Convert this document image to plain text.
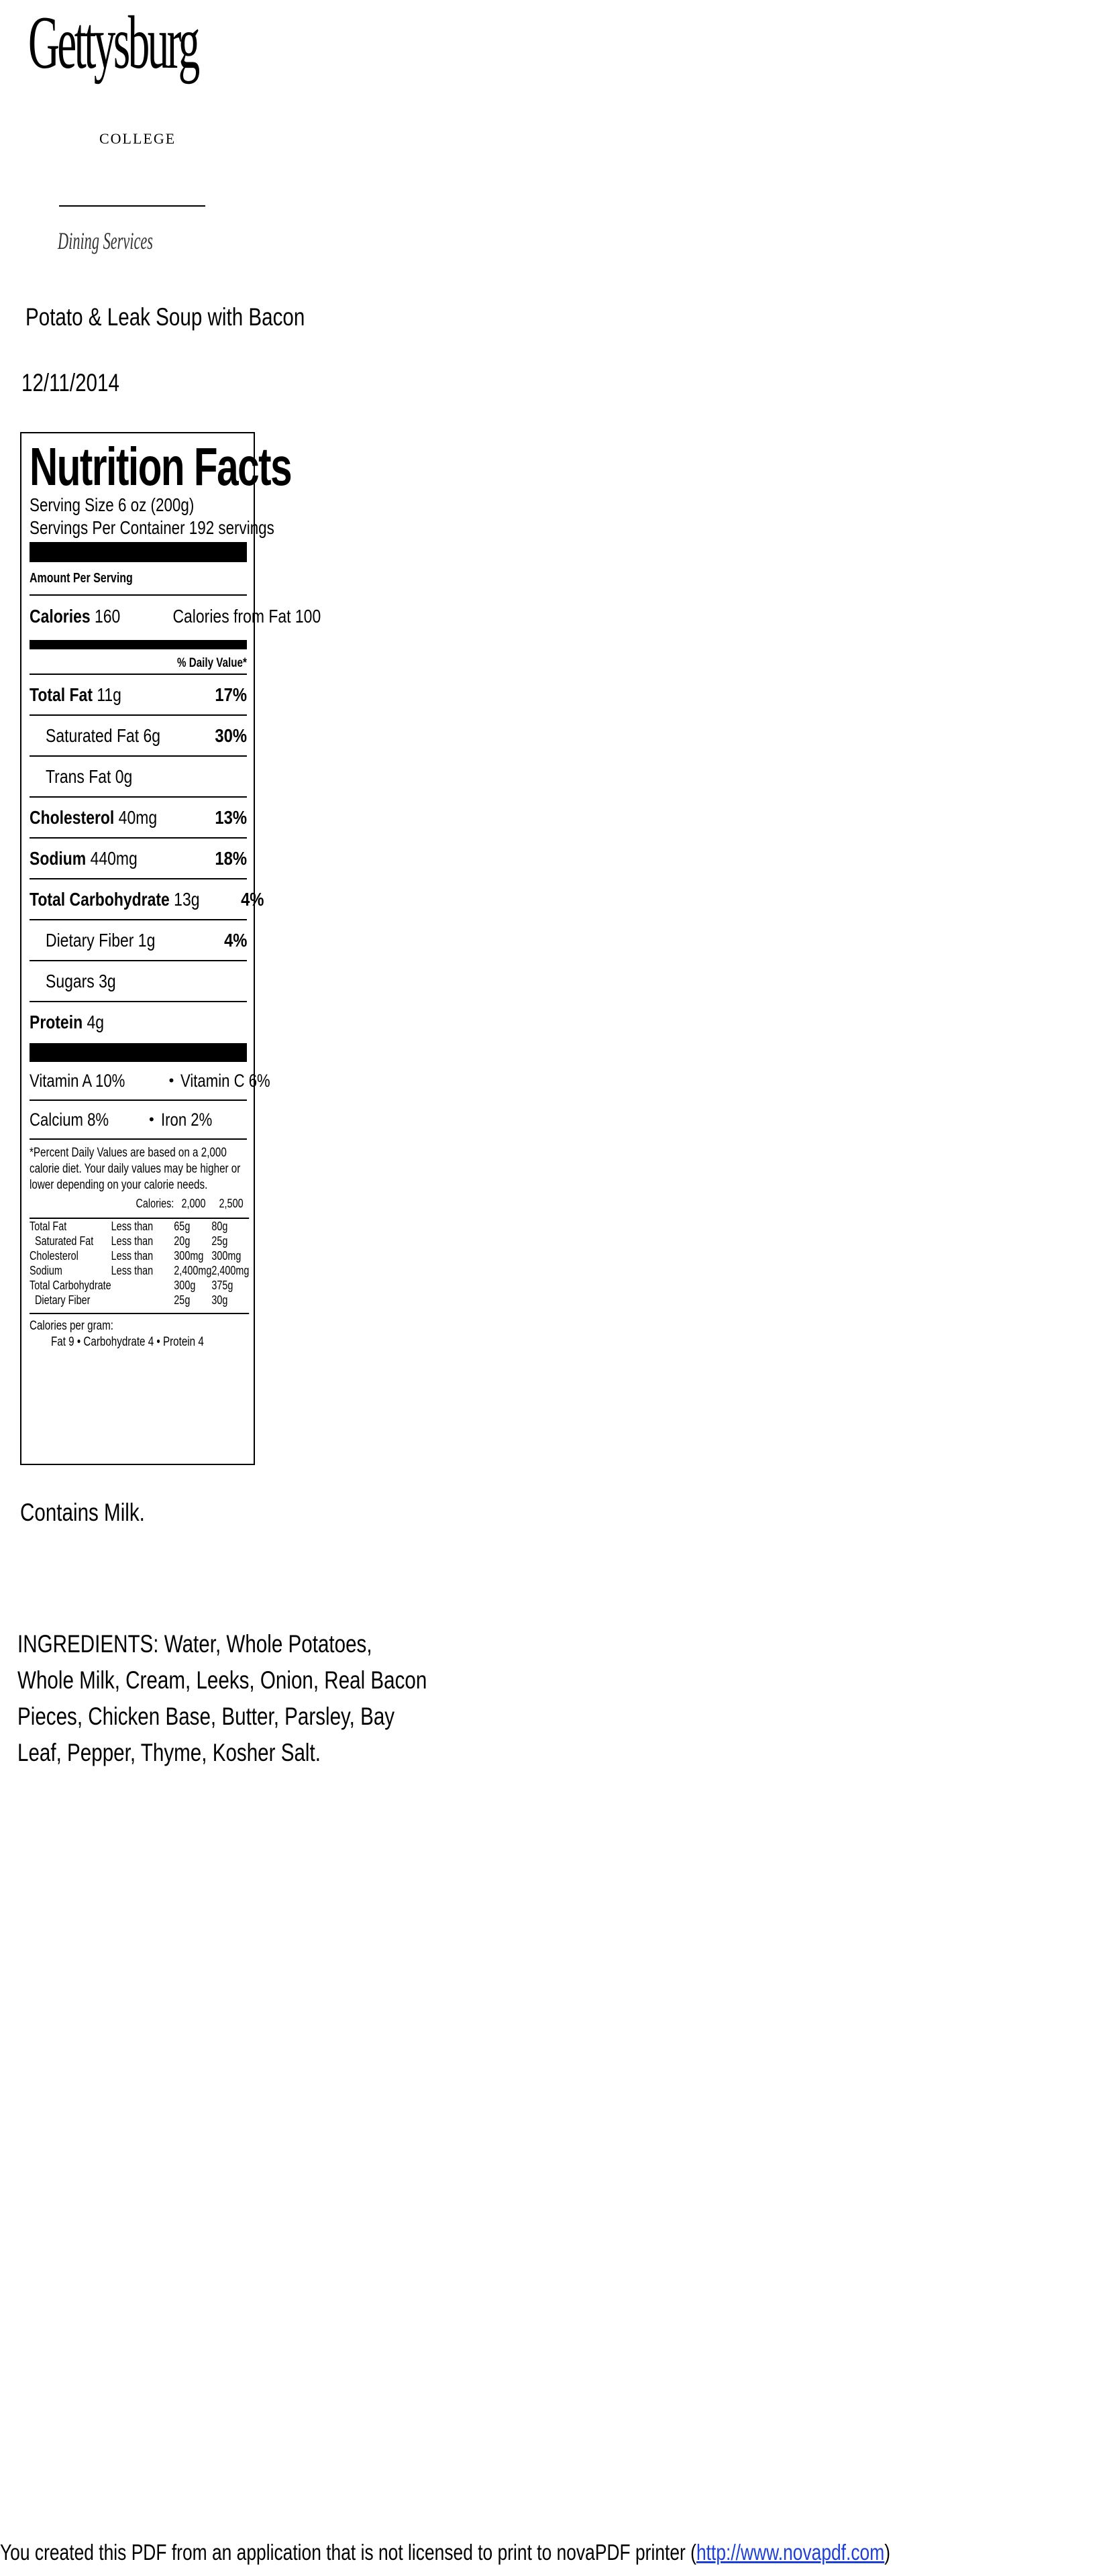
Gettysburg
COLLEGE
Dining Services
Potato & Leak Soup with Bacon
12/11/2014
Nutrition Facts
Serving Size 6 oz (200g)
Servings Per Container 192 servings
Amount Per Serving
Calories 160	Calories from Fat 100
% Daily Value*
Total Fat 11g	17%
Saturated Fat 6g	30%
Trans Fat 0g
Cholesterol 40mg	13%
Sodium 440mg	18%
Total Carbohydrate 13g 4%
Dietary Fiber 1g	4%
Sugars 3g
Protein 4g
Vitamin A 10%	• Vitamin C 6%
Calcium 8%	• Iron 2%
*Percent Daily Values are based on a 2,000 calorie diet. Your daily values may be higher or lower depending on your calorie needs.
	Calories:	2,000	2,500

Total Fat	Less than	65g	80g
Saturated Fat	Less than	20g	25g
Cholesterol	Less than	300mg	300mg
Sodium	Less than	2,400mg	2,400mg
Total Carbohydrate		300g	375g
Dietary Fiber		25g	30g

Calories per gram:
Fat 9 • Carbohydrate 4 • Protein 4
Contains Milk.
INGREDIENTS: Water, Whole Potatoes,
Whole Milk, Cream, Leeks, Onion, Real Bacon
Pieces, Chicken Base, Butter, Parsley, Bay
Leaf, Pepper, Thyme, Kosher Salt.
You created this PDF from an application that is not licensed to print to novaPDF printer (http://www.novapdf.com)
